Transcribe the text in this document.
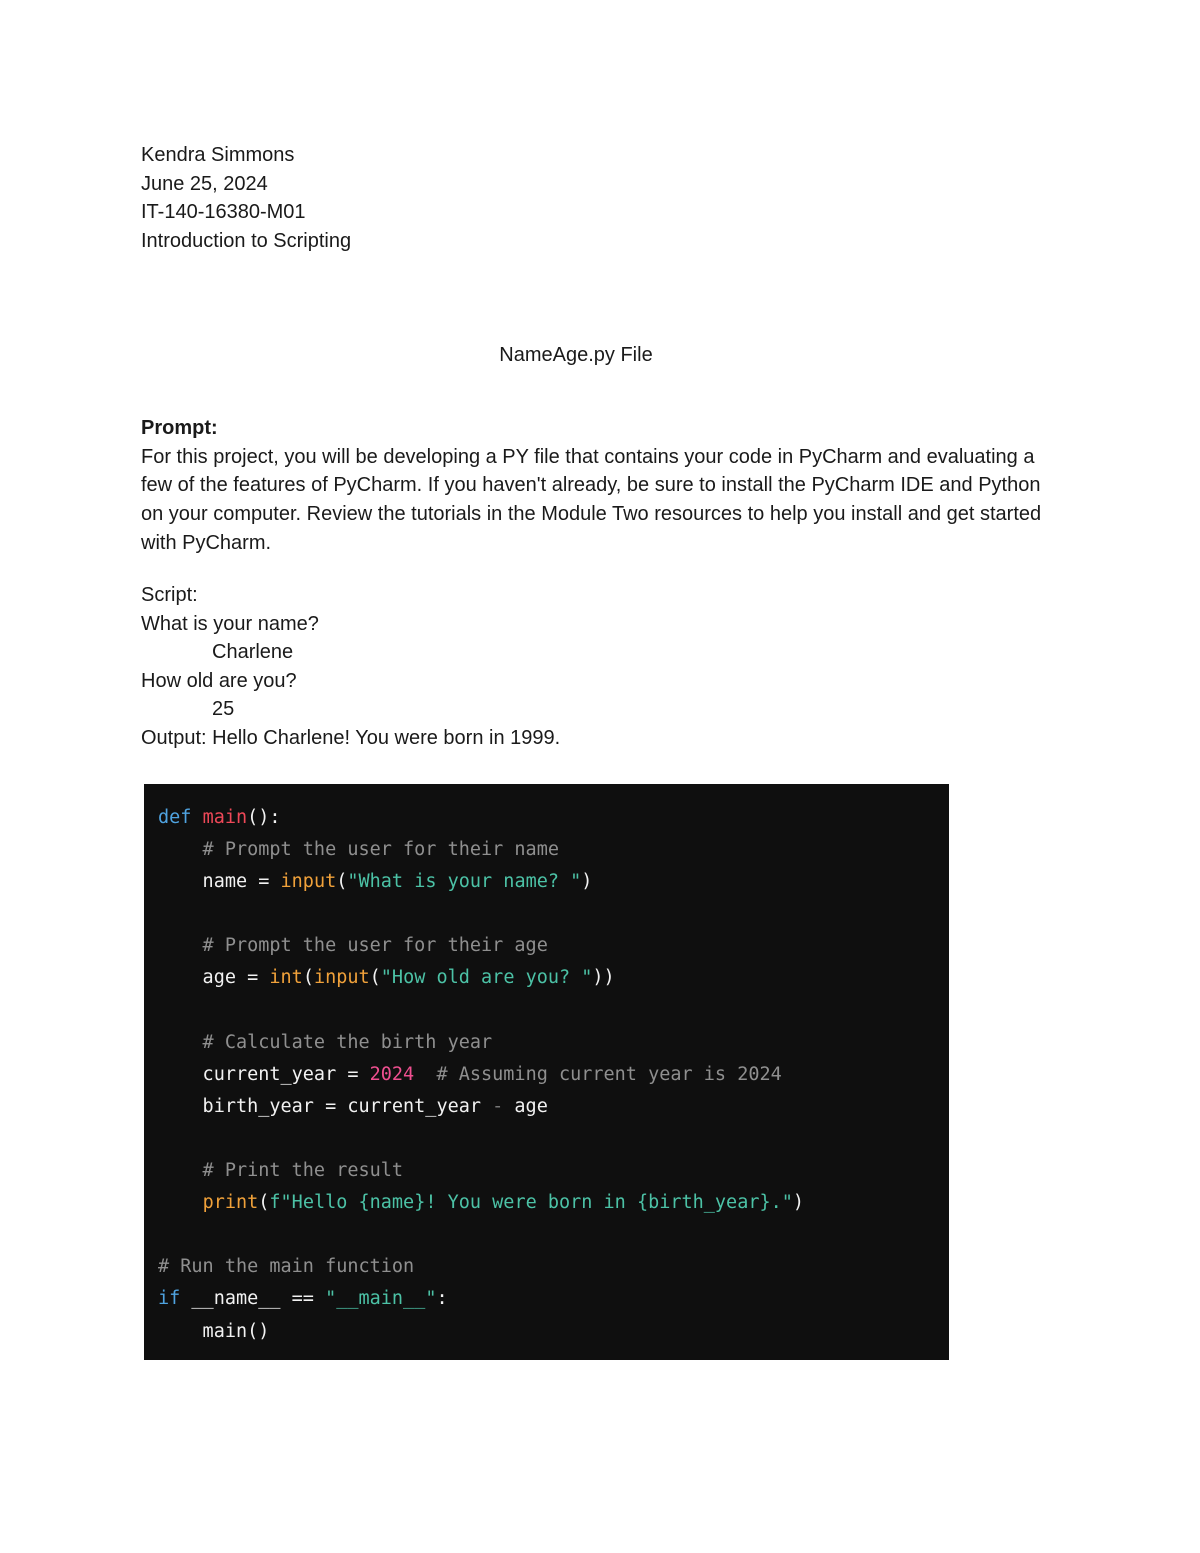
Kendra Simmons
June 25, 2024
IT-140-16380-M01
Introduction to Scripting
NameAge.py File
Prompt:
For this project, you will be developing a PY file that contains your code in PyCharm and evaluating a few of the features of PyCharm. If you haven't already, be sure to install the PyCharm IDE and Python on your computer. Review the tutorials in the Module Two resources to help you install and get started with PyCharm.
Script:
What is your name?
Charlene
How old are you?
25
Output: Hello Charlene! You were born in 1999.
def main():
# Prompt the user for their name
name = input("What is your name? ")
# Prompt the user for their age
age = int(input("How old are you? "))
# Calculate the birth year
current_year = 2024  # Assuming current year is 2024
birth_year = current_year - age
# Print the result
print(f"Hello {name}! You were born in {birth_year}.")
# Run the main function
if __name__ == "__main__":
main()
